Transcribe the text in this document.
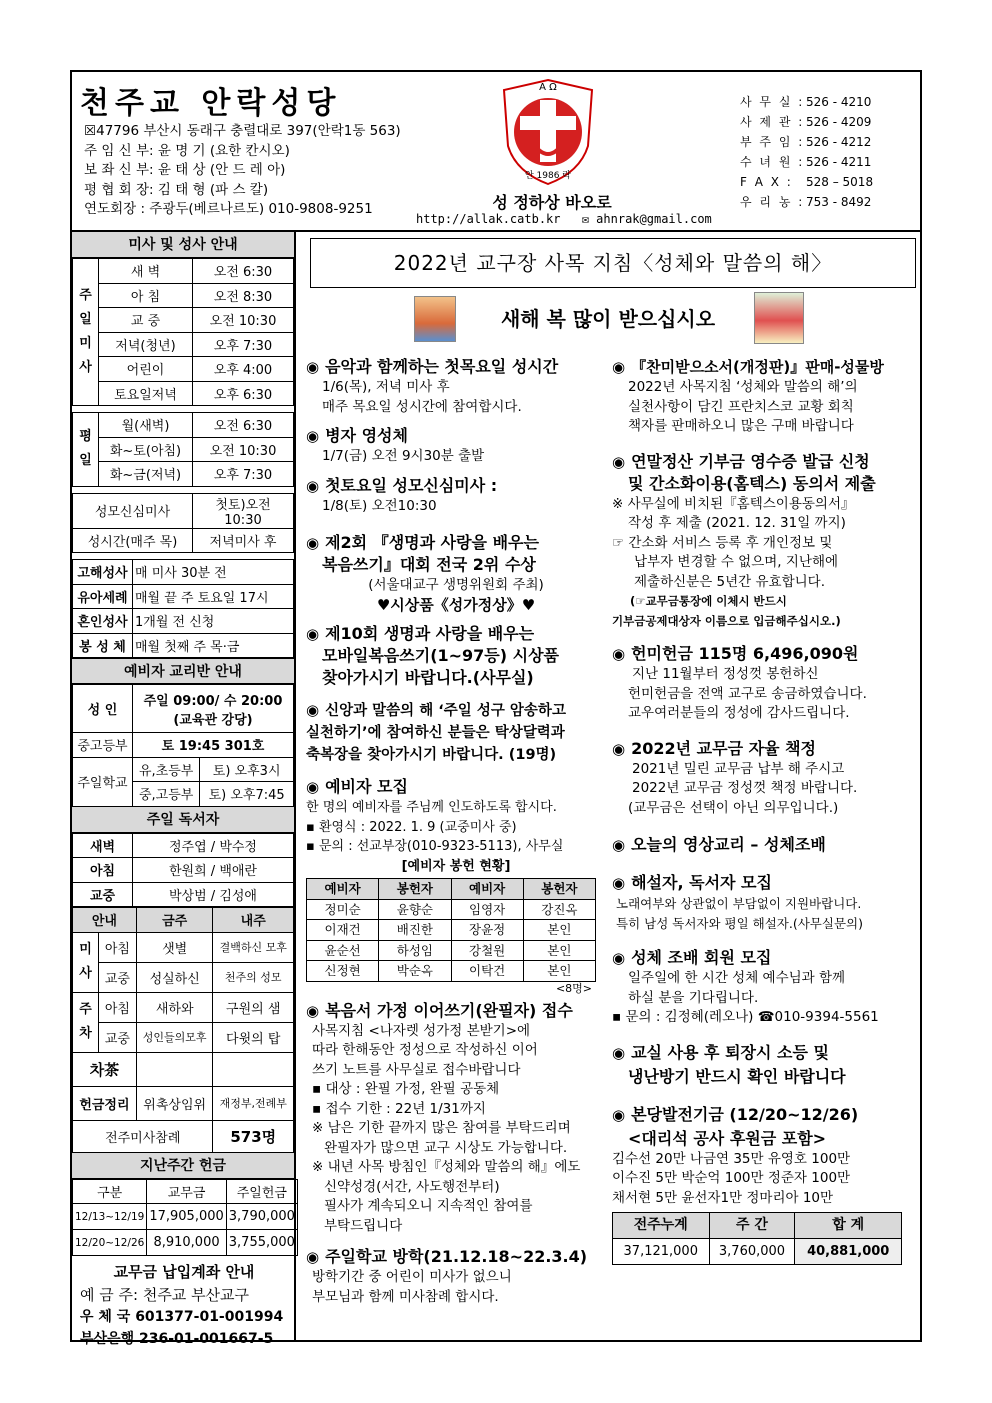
천주교 안락성당
☒47796 부산시 동래구 충렬대로 397(안락1동 563)
주 임 신 부: 윤 명 기 (요한 칸시오)
보 좌 신 부: 윤 태 상 (안 드 레 아)
평 협 회 장: 김 태 형 (파 스 칼)
연도회장 : 주광두(베르나르도) 010-9808-9251
A Ω
안 1986 락
성 정하상 바오로
http://allak.catb.kr ✉ ahnrak@gmail.com
사 무 실 : 526 - 4210
사 제 관 : 526 - 4209
부 주 임 : 526 - 4212
수 녀 원 : 526 - 4211
F A X :	528 – 5018
우 리 농 : 753 - 8492
미사 및 성사 안내
주일미사	새 벽	오전 6:30
	아 침	오전 8:30
	교 중	오전 10:30
	저녁(청년)	오후 7:30
	어린이	오후 4:00
	토요일저녁	오후 6:30
평일	월(새벽)	오전 6:30
	화~토(아침)	오전 10:30
	화~금(저녁)	오후 7:30
성모신심미사	첫토)오전 10:30
성시간(매주 목)	저녁미사 후
고해성사	매 미사 30분 전
유아세례	매월 끝 주 토요일 17시
혼인성사	1개월 전 신청
봉 성 체	매월 첫째 주 목·금
예비자 교리반 안내
성 인	주일 09:00/ 수 20:00 (교육관 강당)	
중고등부	토 19:45 301호	
주일학교	유,초등부	토) 오후3시
	중,고등부	토) 오후7:45
주일 독서자
새벽	정주엽 / 박수정
아침	한원희 / 백애란
교중	박상범 / 김성애
안내		금주	내주

미사	아침	샛별	결백하신 모후
	교중	성실하신	천주의 성모

주차	아침	새하와	구원의 샘
	교중	성인들의모후	다윗의 탑
차茶			
헌금정리		위촉상임위	재정부,전례부
전주미사참례			573명
지난주간 헌금
구분	교무금	주일헌금
12/13~12/19	17,905,000	3,790,000
12/20~12/26	8,910,000	3,755,000
교무금 납입계좌 안내
예 금 주: 천주교 부산교구
우 체 국 601377-01-001994
부산은행 236-01-001667-5
2022년 교구장 사목 지침〈성체와 말씀의 해〉
새해 복 많이 받으십시오
◉ 음악과 함께하는 첫목요일 성시간
1/6(목), 저녁 미사 후
매주 목요일 성시간에 참여합시다.
◉ 병자 영성체
1/7(금) 오전 9시30분 출발
◉ 첫토요일 성모신심미사 :
1/8(토) 오전10:30
◉ 제2회 『생명과 사랑을 배우는
복음쓰기』대회 전국 2위 수상
(서울대교구 생명위원회 주최)
♥시상품《성가정상》♥
◉ 제10회 생명과 사랑을 배우는
모바일복음쓰기(1~97등) 시상품
찾아가시기 바랍니다.(사무실)
◉ 신앙과 말씀의 해 ‘주일 성구 암송하고
실천하기’에 참여하신 분들은 탁상달력과
축복장을 찾아가시기 바랍니다. (19명)
◉ 예비자 모집
한 명의 예비자를 주님께 인도하도록 합시다.
▪ 환영식 : 2022. 1. 9 (교중미사 중)
▪ 문의 : 선교부장(010-9323-5113), 사무실
[예비자 봉헌 현황]
예비자	봉헌자	예비자	봉헌자
정미순	윤향순	임영자	강진옥
이재건	배진한	장윤정	본인
윤순선	하성임	강철원	본인
신정현	박순옥	이탁건	본인
<8명>
◉ 복음서 가정 이어쓰기(완필자) 접수
사목지침 <나자렛 성가정 본받기>에
따라 한해동안 정성으로 작성하신 이어
쓰기 노트를 사무실로 접수바랍니다
▪ 대상 : 완필 가정, 완필 공동체
▪ 접수 기한 : 22년 1/31까지
※ 남은 기한 끝까지 많은 참여를 부탁드리며
완필자가 많으면 교구 시상도 가능합니다.
※ 내년 사목 방침인『성체와 말씀의 해』에도
신약성경(서간, 사도행전부터)
필사가 계속되오니 지속적인 참여를
부탁드립니다
◉ 주일학교 방학(21.12.18~22.3.4)
방학기간 중 어린이 미사가 없으니
부모님과 함께 미사참례 합시다.
◉ 『찬미받으소서(개정판)』판매-성물방
2022년 사목지침 ‘성체와 말씀의 해’의
실천사항이 담긴 프란치스코 교황 회칙
책자를 판매하오니 많은 구매 바랍니다
◉ 연말정산 기부금 영수증 발급 신청
및 간소화이용(홈텍스) 동의서 제출
※ 사무실에 비치된『홈텍스이용동의서』
작성 후 제출 (2021. 12. 31일 까지)
☞ 간소화 서비스 등록 후 개인정보 및
납부자 변경할 수 없으며, 지난해에
제출하신분은 5년간 유효합니다.
(☞교무금통장에 이체시 반드시
기부금공제대상자 이름으로 입금해주십시오.)
◉ 헌미헌금 115명 6,496,090원
지난 11월부터 정성껏 봉헌하신
헌미헌금을 전액 교구로 송금하였습니다.
교우여러분들의 정성에 감사드립니다.
◉ 2022년 교무금 자율 책정
2021년 밀린 교무금 납부 해 주시고
2022년 교무금 정성껏 책정 바랍니다.
(교무금은 선택이 아닌 의무입니다.)
◉ 오늘의 영상교리 – 성체조배
◉ 해설자, 독서자 모집
노래여부와 상관없이 부담없이 지원바랍니다.
특히 남성 독서자와 평일 해설자.(사무실문의)
◉ 성체 조배 회원 모집
일주일에 한 시간 성체 예수님과 함께
하실 분을 기다립니다.
▪ 문의 : 김정혜(레오나) ☎010-9394-5561
◉ 교실 사용 후 퇴장시 소등 및
냉난방기 반드시 확인 바랍니다
◉ 본당발전기금 (12/20~12/26)
<대리석 공사 후원금 포함>
김수선 20만 나금연 35만 유영호 100만
이수진 5만 박순억 100만 정준자 100만
채서현 5만 윤선자1만 정마리아 10만
전주누계	주 간	합 계
37,121,000	3,760,000	40,881,000
